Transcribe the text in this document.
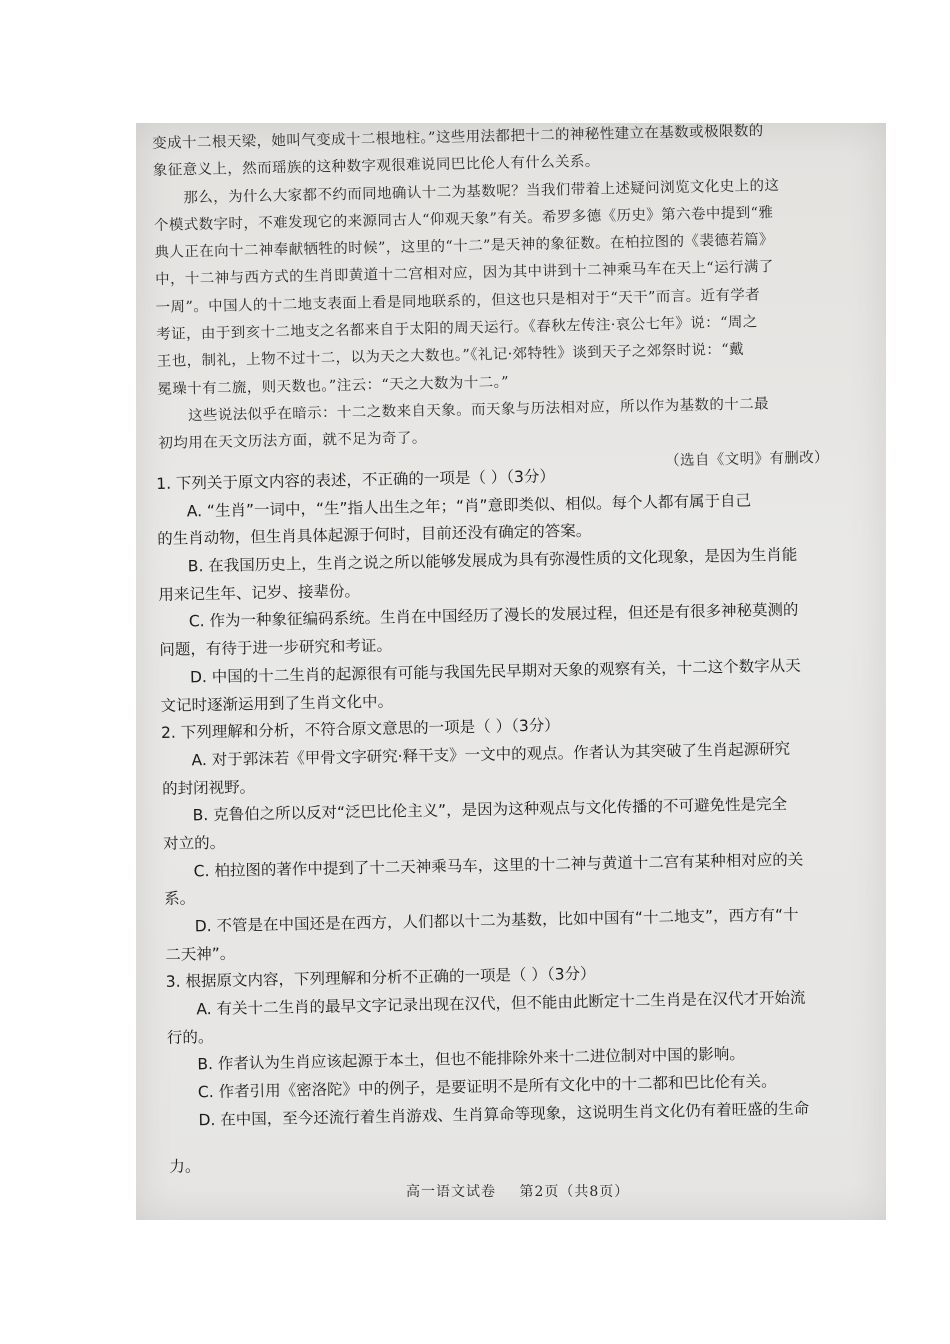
变成十二根天梁，她叫气变成十二根地柱。”这些用法都把十二的神秘性建立在基数或极限数的
象征意义上，然而瑶族的这种数字观很难说同巴比伦人有什么关系。
那么，为什么大家都不约而同地确认十二为基数呢？当我们带着上述疑问浏览文化史上的这
个模式数字时，不难发现它的来源同古人“仰观天象”有关。希罗多德《历史》第六卷中提到“雅
典人正在向十二神奉献牺牲的时候”，这里的“十二”是天神的象征数。在柏拉图的《裴德若篇》
中，十二神与西方式的生肖即黄道十二宫相对应，因为其中讲到十二神乘马车在天上“运行满了
一周”。中国人的十二地支表面上看是同地联系的，但这也只是相对于“天干”而言。近有学者
考证，由于到亥十二地支之名都来自于太阳的周天运行。《春秋左传注·哀公七年》说：“周之
王也，制礼，上物不过十二，以为天之大数也。”《礼记·郊特牲》谈到天子之郊祭时说：“戴
冕璪十有二旒，则天数也。”注云：“天之大数为十二。”
这些说法似乎在暗示：十二之数来自天象。而天象与历法相对应，所以作为基数的十二最
初均用在天文历法方面，就不足为奇了。
（选自《文明》有删改）
1. 下列关于原文内容的表述，不正确的一项是（ ）（3分）
A. “生肖”一词中，“生”指人出生之年；“肖”意即类似、相似。每个人都有属于自己
的生肖动物，但生肖具体起源于何时，目前还没有确定的答案。
B. 在我国历史上，生肖之说之所以能够发展成为具有弥漫性质的文化现象，是因为生肖能
用来记生年、记岁、接辈份。
C. 作为一种象征编码系统。生肖在中国经历了漫长的发展过程，但还是有很多神秘莫测的
问题，有待于进一步研究和考证。
D. 中国的十二生肖的起源很有可能与我国先民早期对天象的观察有关，十二这个数字从天
文记时逐渐运用到了生肖文化中。
2. 下列理解和分析，不符合原文意思的一项是（ ）（3分）
A. 对于郭沫若《甲骨文字研究·释干支》一文中的观点。作者认为其突破了生肖起源研究
的封闭视野。
B. 克鲁伯之所以反对“泛巴比伦主义”，是因为这种观点与文化传播的不可避免性是完全
对立的。
C. 柏拉图的著作中提到了十二天神乘马车，这里的十二神与黄道十二宫有某种相对应的关
系。
D. 不管是在中国还是在西方，人们都以十二为基数，比如中国有“十二地支”，西方有“十
二天神”。
3. 根据原文内容，下列理解和分析不正确的一项是（ ）（3分）
A. 有关十二生肖的最早文字记录出现在汉代，但不能由此断定十二生肖是在汉代才开始流
行的。
B. 作者认为生肖应该起源于本土，但也不能排除外来十二进位制对中国的影响。
C. 作者引用《密洛陀》中的例子，是要证明不是所有文化中的十二都和巴比伦有关。
D. 在中国，至今还流行着生肖游戏、生肖算命等现象，这说明生肖文化仍有着旺盛的生命
力。
高一语文试卷 第2页（共8页）
